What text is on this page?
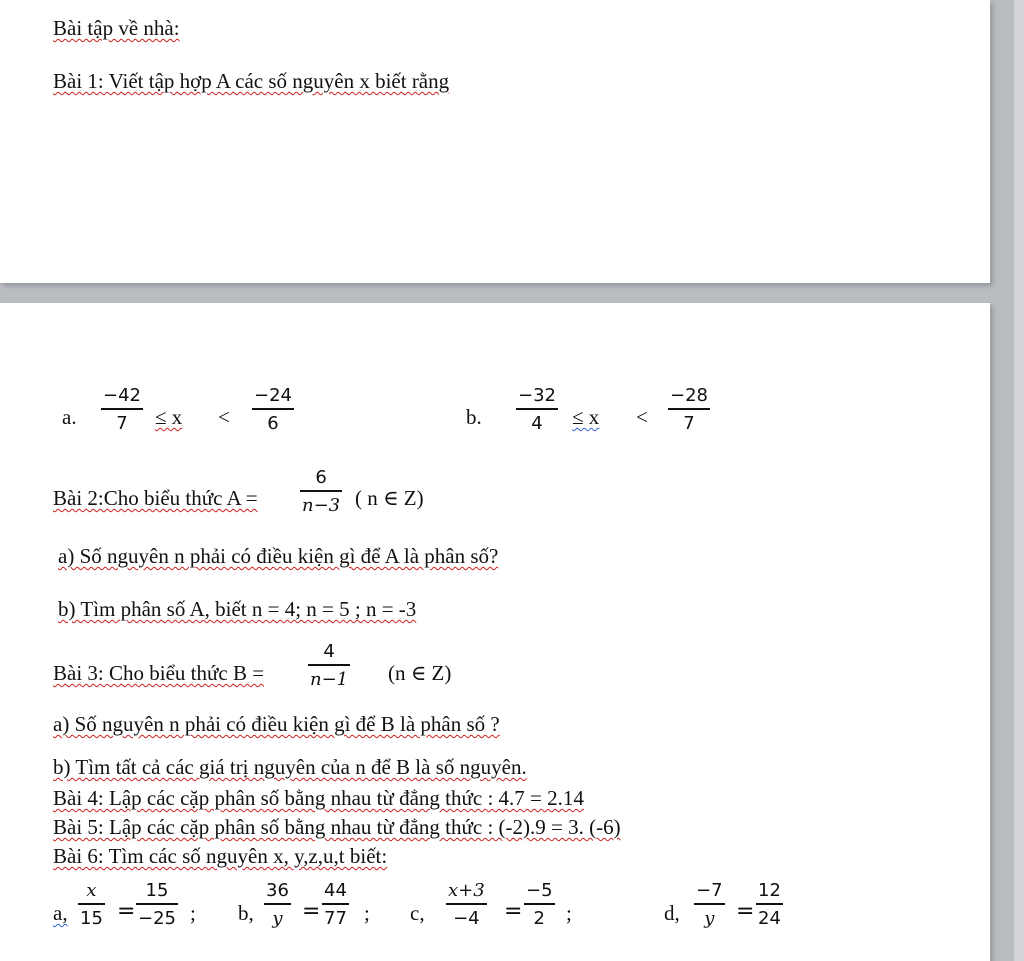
Bài tập về nhà:
Bài 1: Viết tập hợp A các số nguyên x biết rằng
a.
−42
7 ≤ x <
−24
6	b.
−32
4 ≤ x <
−28
7
Bài 2:Cho biểu thức A =
6
n−3 ( n ∈ Z)
a) Số nguyên n phải có điều kiện gì để A là phân số?
b) Tìm phân số A, biết n = 4; n = 5 ; n = -3
Bài 3: Cho biểu thức B =
4
n−1 (n ∈ Z)
a) Số nguyên n phải có điều kiện gì để B là phân số ?
b) Tìm tất cả các giá trị nguyên của n để B là số nguyên.
Bài 4: Lập các cặp phân số bằng nhau từ đẳng thức : 4.7 = 2.14
Bài 5: Lập các cặp phân số bằng nhau từ đẳng thức : (-2).9 = 3. (-6)
Bài 6: Tìm các số nguyên x, y,z,u,t biết:
a,
x
15 =
15
−25 ; b,
36
y =
44
77 ; c,
x+3
−4 =
−5
2 ;	d,
−7
y =
12
24
